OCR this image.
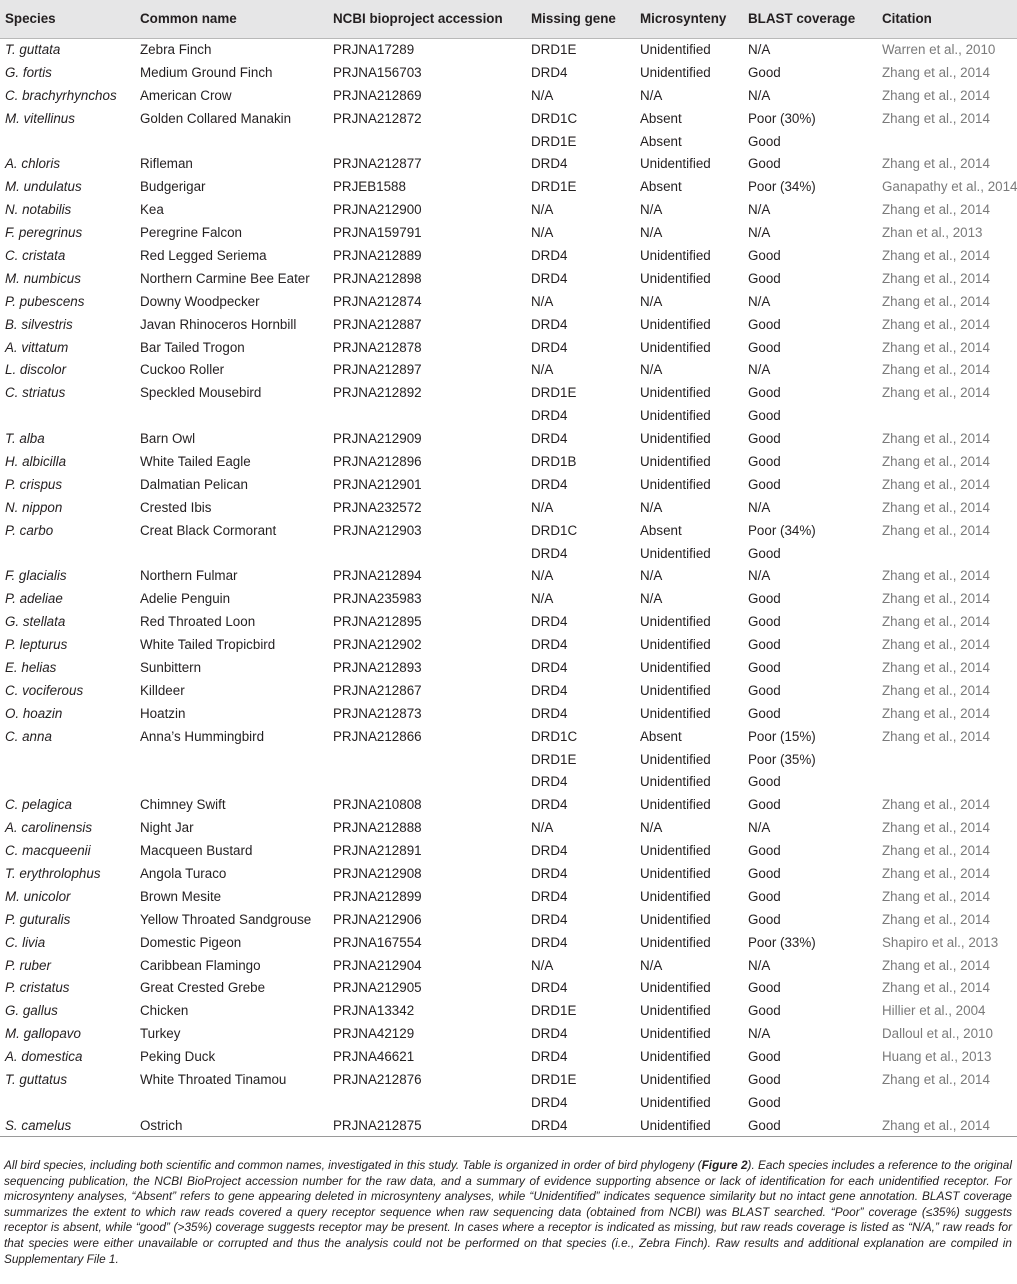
Species	Common name	NCBI bioproject accession	Missing gene	Microsynteny	BLAST coverage	Citation
T. guttata	Zebra Finch	PRJNA17289	DRD1E	Unidentified	N/A	Warren et al., 2010
G. fortis	Medium Ground Finch	PRJNA156703	DRD4	Unidentified	Good	Zhang et al., 2014
C. brachyrhynchos	American Crow	PRJNA212869	N/A	N/A	N/A	Zhang et al., 2014
M. vitellinus	Golden Collared Manakin	PRJNA212872	DRD1C	Absent	Poor (30%)	Zhang et al., 2014
			DRD1E	Absent	Good	
A. chloris	Rifleman	PRJNA212877	DRD4	Unidentified	Good	Zhang et al., 2014
M. undulatus	Budgerigar	PRJEB1588	DRD1E	Absent	Poor (34%)	Ganapathy et al., 2014
N. notabilis	Kea	PRJNA212900	N/A	N/A	N/A	Zhang et al., 2014
F. peregrinus	Peregrine Falcon	PRJNA159791	N/A	N/A	N/A	Zhan et al., 2013
C. cristata	Red Legged Seriema	PRJNA212889	DRD4	Unidentified	Good	Zhang et al., 2014
M. numbicus	Northern Carmine Bee Eater	PRJNA212898	DRD4	Unidentified	Good	Zhang et al., 2014
P. pubescens	Downy Woodpecker	PRJNA212874	N/A	N/A	N/A	Zhang et al., 2014
B. silvestris	Javan Rhinoceros Hornbill	PRJNA212887	DRD4	Unidentified	Good	Zhang et al., 2014
A. vittatum	Bar Tailed Trogon	PRJNA212878	DRD4	Unidentified	Good	Zhang et al., 2014
L. discolor	Cuckoo Roller	PRJNA212897	N/A	N/A	N/A	Zhang et al., 2014
C. striatus	Speckled Mousebird	PRJNA212892	DRD1E	Unidentified	Good	Zhang et al., 2014
			DRD4	Unidentified	Good	
T. alba	Barn Owl	PRJNA212909	DRD4	Unidentified	Good	Zhang et al., 2014
H. albicilla	White Tailed Eagle	PRJNA212896	DRD1B	Unidentified	Good	Zhang et al., 2014
P. crispus	Dalmatian Pelican	PRJNA212901	DRD4	Unidentified	Good	Zhang et al., 2014
N. nippon	Crested Ibis	PRJNA232572	N/A	N/A	N/A	Zhang et al., 2014
P. carbo	Creat Black Cormorant	PRJNA212903	DRD1C	Absent	Poor (34%)	Zhang et al., 2014
			DRD4	Unidentified	Good	
F. glacialis	Northern Fulmar	PRJNA212894	N/A	N/A	N/A	Zhang et al., 2014
P. adeliae	Adelie Penguin	PRJNA235983	N/A	N/A	Good	Zhang et al., 2014
G. stellata	Red Throated Loon	PRJNA212895	DRD4	Unidentified	Good	Zhang et al., 2014
P. lepturus	White Tailed Tropicbird	PRJNA212902	DRD4	Unidentified	Good	Zhang et al., 2014
E. helias	Sunbittern	PRJNA212893	DRD4	Unidentified	Good	Zhang et al., 2014
C. vociferous	Killdeer	PRJNA212867	DRD4	Unidentified	Good	Zhang et al., 2014
O. hoazin	Hoatzin	PRJNA212873	DRD4	Unidentified	Good	Zhang et al., 2014
C. anna	Anna’s Hummingbird	PRJNA212866	DRD1C	Absent	Poor (15%)	Zhang et al., 2014
			DRD1E	Unidentified	Poor (35%)	
			DRD4	Unidentified	Good	
C. pelagica	Chimney Swift	PRJNA210808	DRD4	Unidentified	Good	Zhang et al., 2014
A. carolinensis	Night Jar	PRJNA212888	N/A	N/A	N/A	Zhang et al., 2014
C. macqueenii	Macqueen Bustard	PRJNA212891	DRD4	Unidentified	Good	Zhang et al., 2014
T. erythrolophus	Angola Turaco	PRJNA212908	DRD4	Unidentified	Good	Zhang et al., 2014
M. unicolor	Brown Mesite	PRJNA212899	DRD4	Unidentified	Good	Zhang et al., 2014
P. guturalis	Yellow Throated Sandgrouse	PRJNA212906	DRD4	Unidentified	Good	Zhang et al., 2014
C. livia	Domestic Pigeon	PRJNA167554	DRD4	Unidentified	Poor (33%)	Shapiro et al., 2013
P. ruber	Caribbean Flamingo	PRJNA212904	N/A	N/A	N/A	Zhang et al., 2014
P. cristatus	Great Crested Grebe	PRJNA212905	DRD4	Unidentified	Good	Zhang et al., 2014
G. gallus	Chicken	PRJNA13342	DRD1E	Unidentified	Good	Hillier et al., 2004
M. gallopavo	Turkey	PRJNA42129	DRD4	Unidentified	N/A	Dalloul et al., 2010
A. domestica	Peking Duck	PRJNA46621	DRD4	Unidentified	Good	Huang et al., 2013
T. guttatus	White Throated Tinamou	PRJNA212876	DRD1E	Unidentified	Good	Zhang et al., 2014
			DRD4	Unidentified	Good	
S. camelus	Ostrich	PRJNA212875	DRD4	Unidentified	Good	Zhang et al., 2014

All bird species, including both scientific and common names, investigated in this study. Table is organized in order of bird phylogeny (Figure 2). Each species includes a reference to the original sequencing publication, the NCBI BioProject accession number for the raw data, and a summary of evidence supporting absence or lack of identification for each unidentified receptor. For microsynteny analyses, “Absent” refers to gene appearing deleted in microsynteny analyses, while “Unidentified” indicates sequence similarity but no intact gene annotation. BLAST coverage summarizes the extent to which raw reads covered a query receptor sequence when raw sequencing data (obtained from NCBI) was BLAST searched. “Poor” coverage (≤35%) suggests receptor is absent, while “good” (>35%) coverage suggests receptor may be present. In cases where a receptor is indicated as missing, but raw reads coverage is listed as “N/A,” raw reads for that species were either unavailable or corrupted and thus the analysis could not be performed on that species (i.e., Zebra Finch). Raw results and additional explanation are compiled in Supplementary File 1.
